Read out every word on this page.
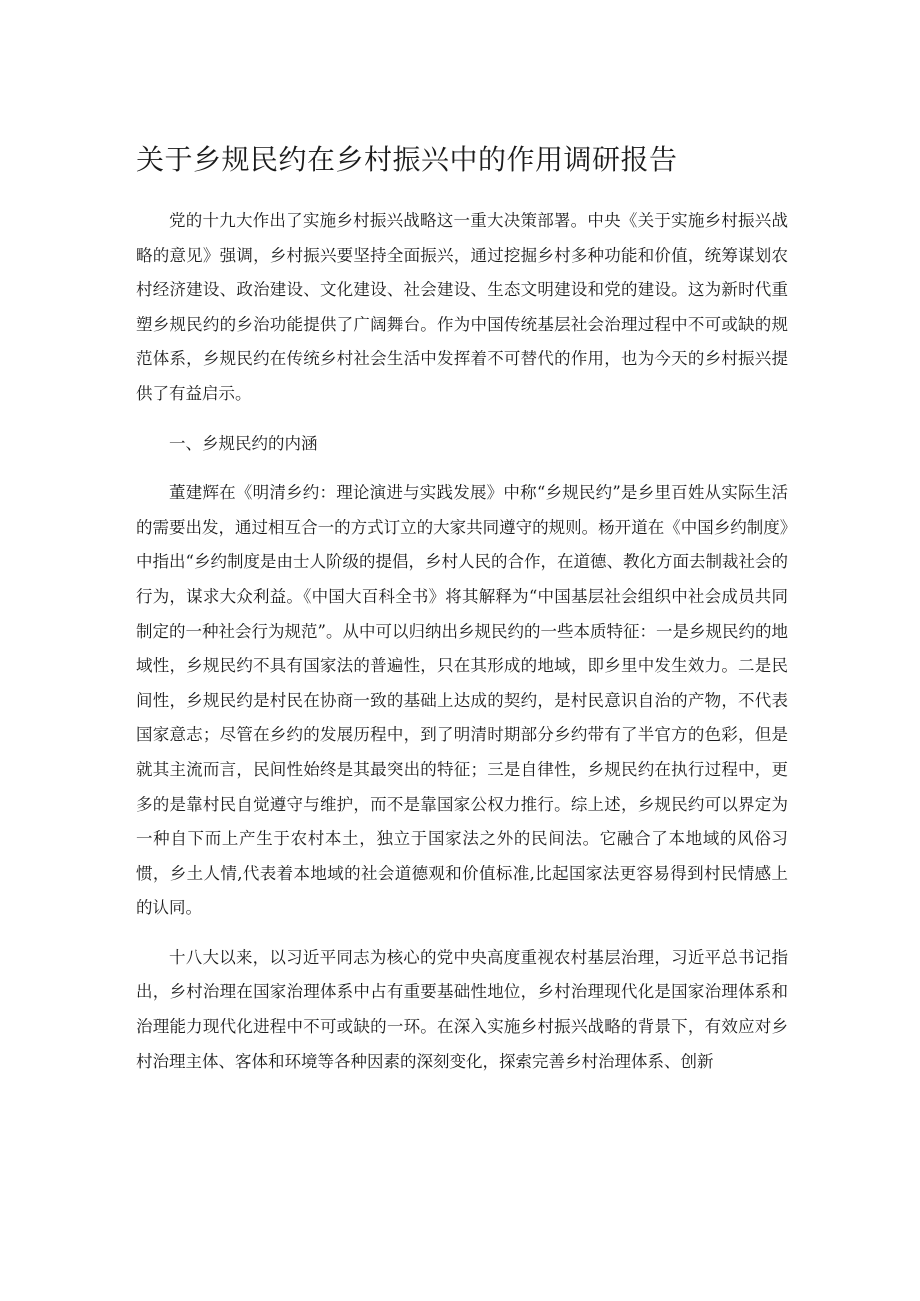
关于乡规民约在乡村振兴中的作用调研报告

党的十九大作出了实施乡村振兴战略这一重大决策部署。中央《关于实施乡村振兴战略的意见》强调，乡村振兴要坚持全面振兴，通过挖掘乡村多种功能和价值，统筹谋划农村经济建设、政治建设、文化建设、社会建设、生态文明建设和党的建设。这为新时代重塑乡规民约的乡治功能提供了广阔舞台。作为中国传统基层社会治理过程中不可或缺的规范体系，乡规民约在传统乡村社会生活中发挥着不可替代的作用，也为今天的乡村振兴提供了有益启示。

一、乡规民约的内涵

董建辉在《明清乡约：理论演进与实践发展》中称“乡规民约”是乡里百姓从实际生活的需要出发，通过相互合一的方式订立的大家共同遵守的规则。杨开道在《中国乡约制度》中指出“乡约制度是由士人阶级的提倡，乡村人民的合作，在道德、教化方面去制裁社会的行为，谋求大众利益。《中国大百科全书》将其解释为“中国基层社会组织中社会成员共同制定的一种社会行为规范”。从中可以归纳出乡规民约的一些本质特征：一是乡规民约的地域性，乡规民约不具有国家法的普遍性，只在其形成的地域，即乡里中发生效力。二是民间性，乡规民约是村民在协商一致的基础上达成的契约，是村民意识自治的产物，不代表国家意志；尽管在乡约的发展历程中，到了明清时期部分乡约带有了半官方的色彩，但是就其主流而言，民间性始终是其最突出的特征；三是自律性，乡规民约在执行过程中，更多的是靠村民自觉遵守与维护，而不是靠国家公权力推行。综上述，乡规民约可以界定为一种自下而上产生于农村本土，独立于国家法之外的民间法。它融合了本地域的风俗习惯，乡土人情,代表着本地域的社会道德观和价值标准,比起国家法更容易得到村民情感上的认同。

十八大以来，以习近平同志为核心的党中央高度重视农村基层治理，习近平总书记指出，乡村治理在国家治理体系中占有重要基础性地位，乡村治理现代化是国家治理体系和治理能力现代化进程中不可或缺的一环。在深入实施乡村振兴战略的背景下，有效应对乡村治理主体、客体和环境等各种因素的深刻变化，探索完善乡村治理体系、创新
